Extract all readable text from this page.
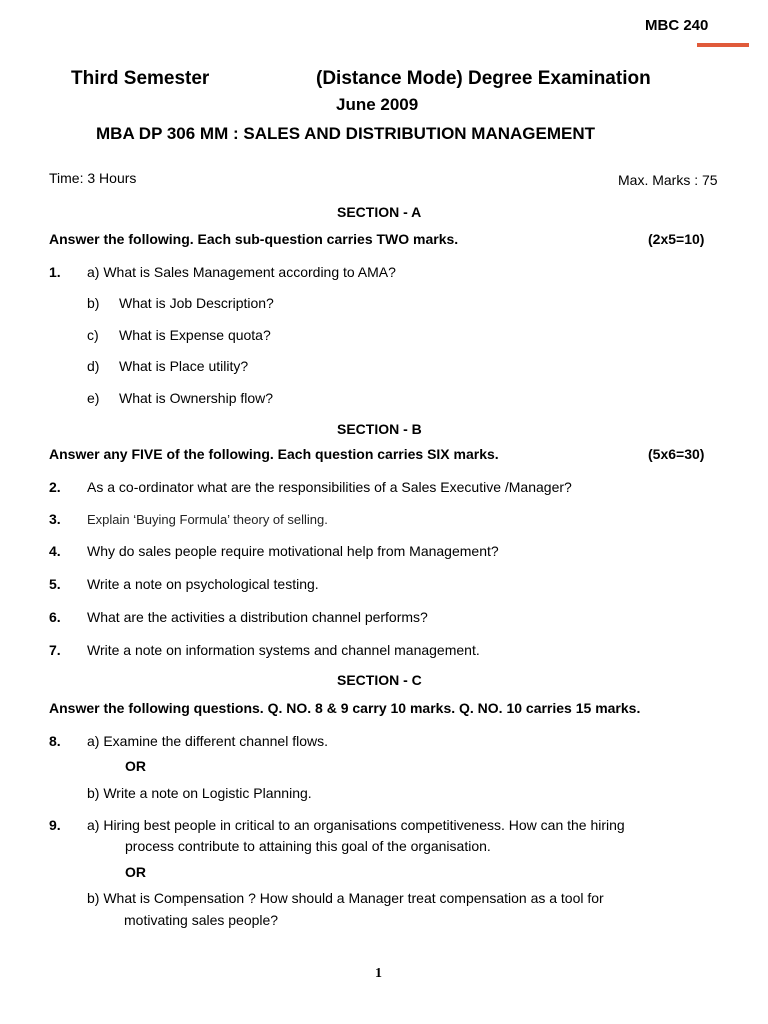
MBC 240
Third Semester	(Distance Mode) Degree Examination
June 2009
MBA DP 306 MM : SALES AND DISTRIBUTION MANAGEMENT
Time: 3 Hours	Max. Marks : 75
SECTION - A
Answer the following. Each sub-question carries TWO marks.	(2x5=10)
1. a) What is Sales Management according to AMA?
b) What is Job Description?
c) What is Expense quota?
d) What is Place utility?
e) What is Ownership flow?
SECTION - B
Answer any FIVE of the following. Each question carries SIX marks.	(5x6=30)
2. As a co-ordinator what are the responsibilities of a Sales Executive /Manager?
3. Explain ‘Buying Formula’ theory of selling.
4. Why do sales people require motivational help from Management?
5. Write a note on psychological testing.
6. What are the activities a distribution channel performs?
7. Write a note on information systems and channel management.
SECTION - C
Answer the following questions. Q. NO. 8 & 9 carry 10 marks. Q. NO. 10 carries 15 marks.
8. a) Examine the different channel flows.
OR
b) Write a note on Logistic Planning.
9. a) Hiring best people in critical to an organisations competitiveness. How can the hiring
process contribute to attaining this goal of the organisation.
OR
b) What is Compensation ? How should a Manager treat compensation as a tool for
motivating sales people?
1
